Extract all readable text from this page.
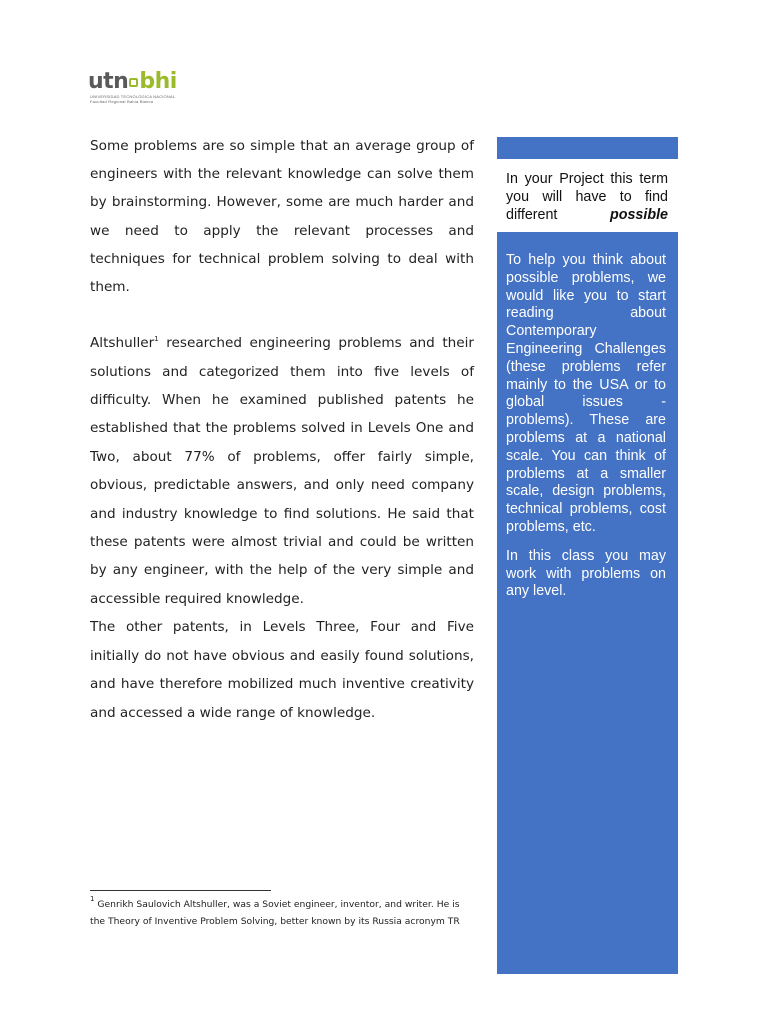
utn bhi
UNIVERSIDAD TECNOLÓGICA NACIONAL
Facultad Regional Bahía Blanca

Some problems are so simple that an average group of engineers with the relevant knowledge can solve them by brainstorming. However, some are much harder and we need to apply the relevant processes and techniques for technical problem solving to deal with them.

Altshuller$^1$ researched engineering problems and their solutions and categorized them into five levels of difficulty. When he examined published patents he established that the problems solved in Levels One and Two, about 77% of problems, offer fairly simple, obvious, predictable answers, and only need company and industry knowledge to find solutions. He said that these patents were almost trivial and could be written by any engineer, with the help of the very simple and accessible required knowledge.

The other patents, in Levels Three, Four and Five initially do not have obvious and easily found solutions, and have therefore mobilized much inventive creativity and accessed a wide range of knowledge.

$^1$ Genrikh Saulovich Altshuller, was a Soviet engineer, inventor, and writer. He is
the Theory of Inventive Problem Solving, better known by its Russia acronym TR
In your Project this term you will have to find different possible

To help you think about possible problems, we would like you to start reading about Contemporary Engineering Challenges (these problems refer mainly to the USA or to global issues - problems). These are problems at a national scale. You can think of problems at a smaller scale, design problems, technical problems, cost problems, etc.

In this class you may work with problems on any level.
